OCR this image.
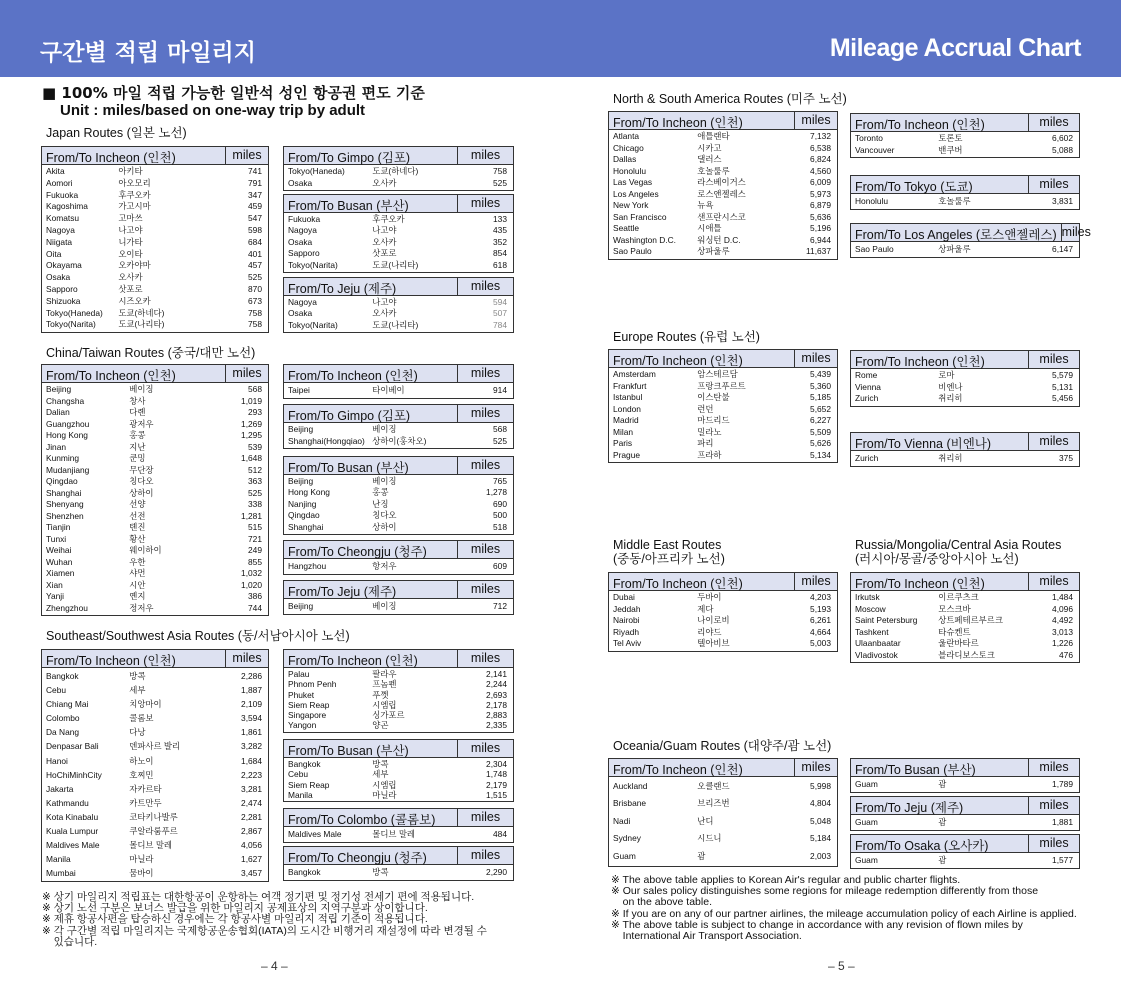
구간별 적립 마일리지	Mileage Accrual Chart
■ 100% 마일 적립 가능한 일반석 성인 항공권 편도 기준
Unit : miles/based on one-way trip by adult
Japan Routes (일본 노선)
China/Taiwan Routes (중국/대만 노선)
Southeast/Southwest Asia Routes (동/서남아시아 노선)
North & South America Routes (미주 노선)
Europe Routes (유럽 노선)
Middle East Routes
(중동/아프리카 노선)
Russia/Mongolia/Central Asia Routes
(러시아/몽골/중앙아시아 노선)
Oceania/Guam Routes (대양주/괌 노선)
From/To Incheon (인천)	miles
Akita	아키타	741
Aomori	아오모리	791
Fukuoka	후쿠오카	347
Kagoshima	가고시마	459
Komatsu	고마쓰	547
Nagoya	나고야	598
Niigata	니가타	684
Oita	오이타	401
Okayama	오카야마	457
Osaka	오사카	525
Sapporo	삿포로	870
Shizuoka	시즈오카	673
Tokyo(Haneda)	도쿄(하네다)	758
Tokyo(Narita)	도쿄(나리타)	758
From/To Gimpo (김포)	miles
Tokyo(Haneda)	도쿄(하네다)	758
Osaka	오사카	525
From/To Busan (부산)	miles
Fukuoka	후쿠오카	133
Nagoya	나고야	435
Osaka	오사카	352
Sapporo	삿포로	854
Tokyo(Narita)	도쿄(나리타)	618
From/To Jeju (제주)	miles
Nagoya	나고야	594
Osaka	오사카	507
Tokyo(Narita)	도쿄(나리타)	784
From/To Incheon (인천)	miles
Beijing	베이징	568
Changsha	창사	1,019
Dalian	다롄	293
Guangzhou	광저우	1,269
Hong Kong	홍콩	1,295
Jinan	지난	539
Kunming	쿤밍	1,648
Mudanjiang	무단장	512
Qingdao	칭다오	363
Shanghai	상하이	525
Shenyang	선양	338
Shenzhen	선전	1,281
Tianjin	톈진	515
Tunxi	황산	721
Weihai	웨이하이	249
Wuhan	우한	855
Xiamen	샤먼	1,032
Xian	시안	1,020
Yanji	옌지	386
Zhengzhou	정저우	744
From/To Incheon (인천)	miles
Taipei	타이베이	914
From/To Gimpo (김포)	miles
Beijing	베이징	568
Shanghai(Hongqiao) 상하이(훙차오)	525
From/To Busan (부산)	miles
Beijing	베이징	765
Hong Kong	홍콩	1,278
Nanjing	난징	690
Qingdao	칭다오	500
Shanghai	상하이	518
From/To Cheongju (청주)	miles
Hangzhou	항저우	609
From/To Jeju (제주)	miles
Beijing	베이징	712
From/To Incheon (인천)	miles
Bangkok	방콕	2,286
Cebu	세부	1,887
Chiang Mai	치앙마이	2,109
Colombo	콜롬보	3,594
Da Nang	다낭	1,861
Denpasar Bali	덴파사르 발리	3,282
Hanoi	하노이	1,684
HoChiMinhCity	호찌민	2,223
Jakarta	자카르타	3,281
Kathmandu	카트만두	2,474
Kota Kinabalu	코타키나발루	2,281
Kuala Lumpur	쿠알라룸푸르	2,867
Maldives Male	몰디브 말레	4,056
Manila	마닐라	1,627
Mumbai	뭄바이	3,457
From/To Incheon (인천)	miles
Palau	팔라우	2,141
Phnom Penh	프놈펜	2,244
Phuket	푸껫	2,693
Siem Reap	시엠립	2,178
Singapore	싱가포르	2,883
Yangon	양곤	2,335
From/To Busan (부산)	miles
Bangkok	방콕	2,304
Cebu	세부	1,748
Siem Reap	시엠립	2,179
Manila	마닐라	1,515
From/To Colombo (콜롬보)	miles
Maldives Male	몰디브 말레	484
From/To Cheongju (청주)	miles
Bangkok	방콕	2,290
From/To Incheon (인천)	miles
Atlanta	애틀랜타	7,132
Chicago	시카고	6,538
Dallas	댈러스	6,824
Honolulu	호놀룰루	4,560
Las Vegas	라스베이거스	6,009
Los Angeles	로스앤젤레스	5,973
New York	뉴욕	6,879
San Francisco	샌프란시스코	5,636
Seattle	시애틀	5,196
Washington D.C.	워싱턴 D.C.	6,944
Sao Paulo	상파울루	11,637
From/To Incheon (인천)	miles
Toronto	토론토	6,602
Vancouver	밴쿠버	5,088
From/To Tokyo (도쿄)	miles
Honolulu	호놀룰루	3,831
From/To Los Angeles (로스앤젤레스) miles
Sao Paulo	상파울루	6,147
From/To Incheon (인천)	miles
Amsterdam	암스테르담	5,439
Frankfurt	프랑크푸르트	5,360
Istanbul	이스탄불	5,185
London	런던	5,652
Madrid	마드리드	6,227
Milan	밀라노	5,509
Paris	파리	5,626
Prague	프라하	5,134
From/To Incheon (인천)	miles
Rome	로마	5,579
Vienna	비엔나	5,131
Zurich	취리히	5,456
From/To Vienna (비엔나)	miles
Zurich	취리히	375
From/To Incheon (인천)	miles
Dubai	두바이	4,203
Jeddah	제다	5,193
Nairobi	나이로비	6,261
Riyadh	리야드	4,664
Tel Aviv	텔아비브	5,003
From/To Incheon (인천)	miles
Irkutsk	이르쿠츠크	1,484
Moscow	모스크바	4,096
Saint Petersburg	상트페테르부르크	4,492
Tashkent	타슈켄트	3,013
Ulaanbaatar	울란바타르	1,226
Vladivostok	블라디보스토크	476
From/To Incheon (인천)	miles
Auckland	오클랜드	5,998
Brisbane	브리즈번	4,804
Nadi	난디	5,048
Sydney	시드니	5,184
Guam	괌	2,003
From/To Busan (부산)	miles
Guam	괌	1,789
From/To Jeju (제주)	miles
Guam	괌	1,881
From/To Osaka (오사카)	miles
Guam	괌	1,577
※ 상기 마일리지 적립표는 대한항공이 운항하는 여객 정기편 및 정기성 전세기 편에 적용됩니다.
※ 상기 노선 구분은 보너스 발급을 위한 마일리지 공제표상의 지역구분과 상이합니다.
※ 제휴 항공사편을 탑승하신 경우에는 각 항공사별 마일리지 적립 기준이 적용됩니다.
※ 각 구간별 적립 마일리지는 국제항공운송협회(IATA)의 도시간 비행거리 재설정에 따라 변경될 수
있습니다.
※ The above table applies to Korean Air's regular and public charter flights.
※ Our sales policy distinguishes some regions for mileage redemption differently from those
on the above table.
※ If you are on any of our partner airlines, the mileage accumulation policy of each Airline is applied.
※ The above table is subject to change in accordance with any revision of flown miles by
International Air Transport Association.
– 4 –	– 5 –
